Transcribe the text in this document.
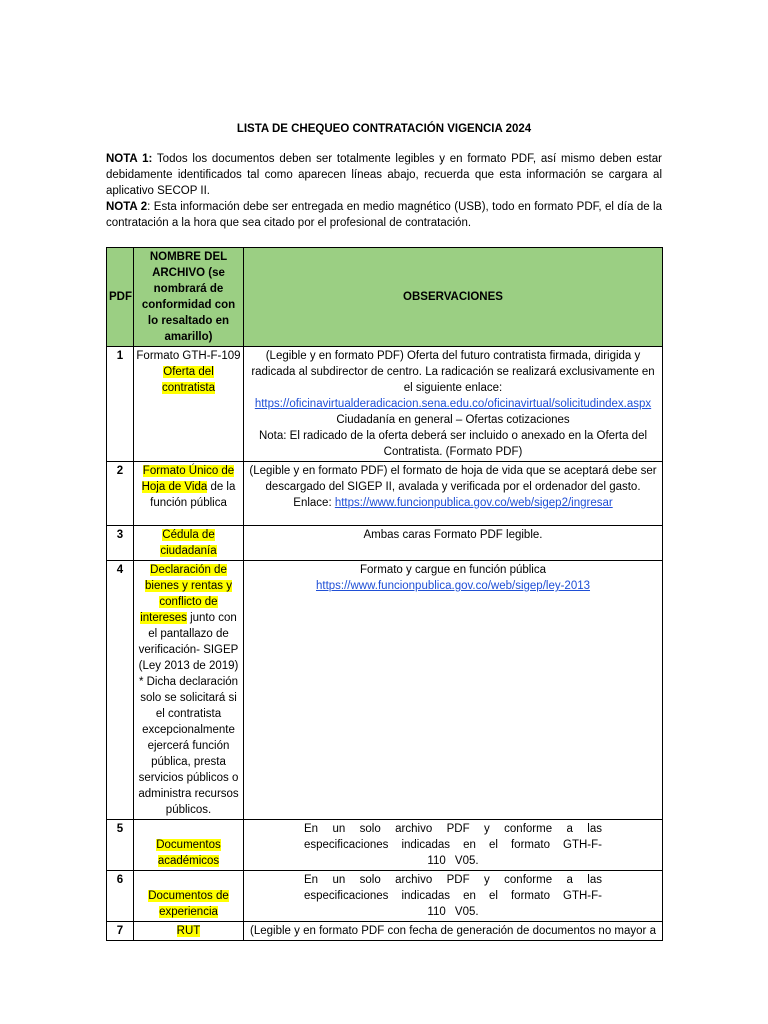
LISTA DE CHEQUEO CONTRATACIÓN VIGENCIA 2024

NOTA 1: Todos los documentos deben ser totalmente legibles y en formato PDF, así mismo deben estar debidamente identificados tal como aparecen líneas abajo, recuerda que esta información se cargara al aplicativo SECOP II.

NOTA 2: Esta información debe ser entregada en medio magnético (USB), todo en formato PDF, el día de la contratación a la hora que sea citado por el profesional de contratación.

PDF	NOMBRE DEL ARCHIVO (se nombrará de conformidad con lo resaltado en amarillo)	OBSERVACIONES
1	Formato GTH-F-109 Oferta del contratista	(Legible y en formato PDF) Oferta del futuro contratista firmada, dirigida y radicada al subdirector de centro. La radicación se realizará exclusivamente en el siguiente enlace:
https://oficinavirtualderadicacion.sena.edu.co/oficinavirtual/solicitudindex.aspx
Ciudadanía en general – Ofertas cotizaciones
Nota: El radicado de la oferta deberá ser incluido o anexado en la Oferta del Contratista. (Formato PDF)

2	Formato Único de Hoja de Vida de la función pública	(Legible y en formato PDF) el formato de hoja de vida que se aceptará debe ser descargado del SIGEP II, avalada y verificada por el ordenador del gasto.
Enlace: https://www.funcionpublica.gov.co/web/sigep2/ingresar

3	Cédula de ciudadanía	Ambas caras Formato PDF legible.

4	Declaración de bienes y rentas y conflicto de intereses junto con el pantallazo de verificación- SIGEP (Ley 2013 de 2019) * Dicha declaración solo se solicitará si el contratista excepcionalmente ejercerá función pública, presta servicios públicos o administra recursos públicos.	Formato y cargue en función pública
https://www.funcionpublica.gov.co/web/sigep/ley-2013

5	Documentos académicos	En un solo archivo PDF y conforme a las especificaciones indicadas en el formato GTH-F- 110 V05.

6	Documentos de experiencia	En un solo archivo PDF y conforme a las especificaciones indicadas en el formato GTH-F- 110 V05.

7	RUT	(Legible y en formato PDF con fecha de generación de documentos no mayor a
